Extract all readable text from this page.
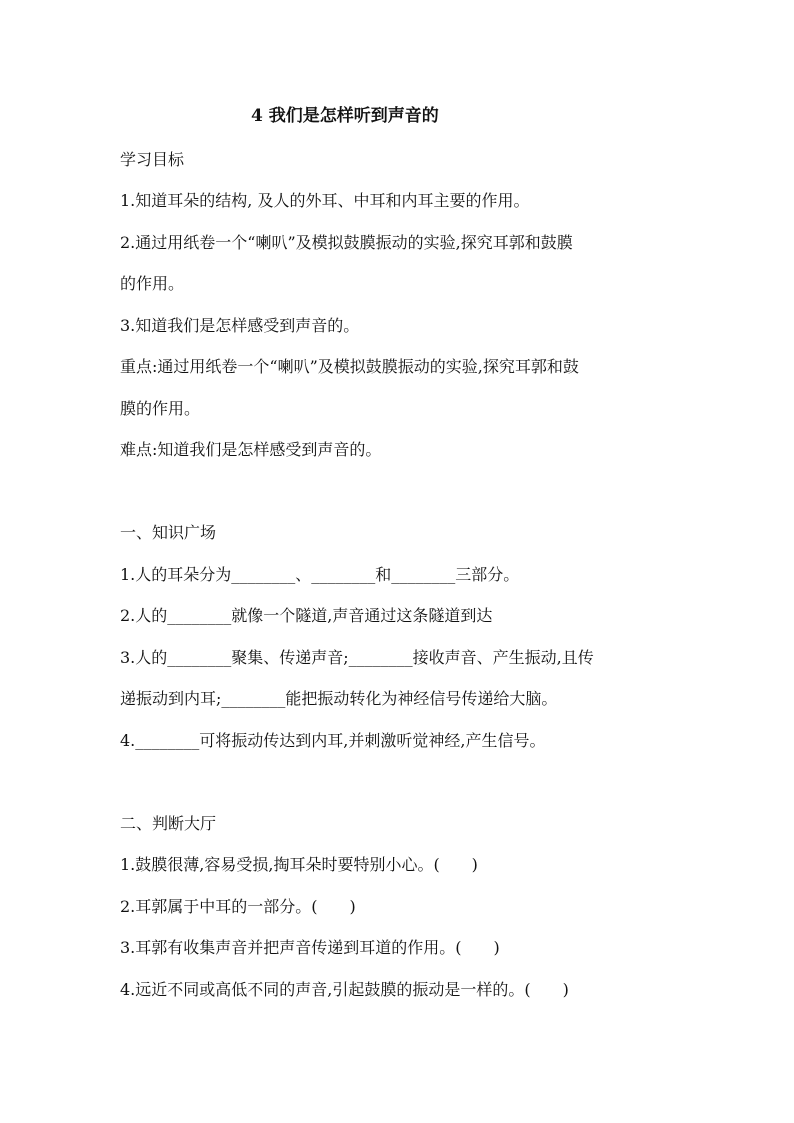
4 我们是怎样听到声音的
学习目标
1.知道耳朵的结构, 及人的外耳、中耳和内耳主要的作用。
2.通过用纸卷一个“喇叭”及模拟鼓膜振动的实验,探究耳郭和鼓膜
的作用。
3.知道我们是怎样感受到声音的。
重点:通过用纸卷一个“喇叭”及模拟鼓膜振动的实验,探究耳郭和鼓
膜的作用。
难点:知道我们是怎样感受到声音的。
一、知识广场
1.人的耳朵分为________、________和________三部分。
2.人的________就像一个隧道,声音通过这条隧道到达
3.人的________聚集、传递声音;________接收声音、产生振动,且传
递振动到内耳;________能把振动转化为神经信号传递给大脑。
4.________可将振动传达到内耳,并刺激听觉神经,产生信号。
二、判断大厅
1.鼓膜很薄,容易受损,掏耳朵时要特别小心。(　　)
2.耳郭属于中耳的一部分。(　　)
3.耳郭有收集声音并把声音传递到耳道的作用。(　　)
4.远近不同或高低不同的声音,引起鼓膜的振动是一样的。(　　)
